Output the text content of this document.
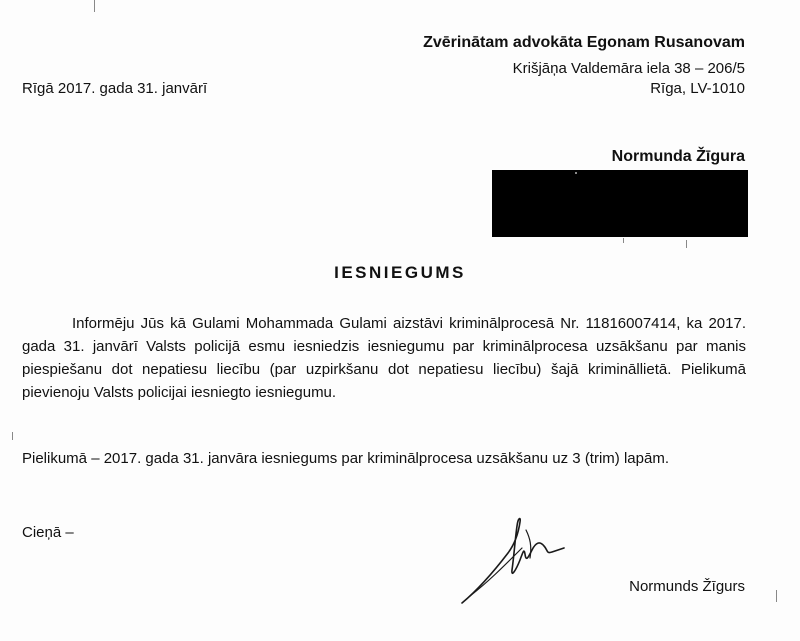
Zvērinātam advokāta Egonam Rusanovam
Krišjāņa Valdemāra iela 38 – 206/5
Rīga, LV-1010
Rīgā 2017. gada 31. janvārī
Normunda Žīgura
IESNIEGUMS
Informēju Jūs kā Gulami Mohammada Gulami aizstāvi kriminālprocesā Nr. 11816007414, ka 2017. gada 31. janvārī Valsts policijā esmu iesniedzis iesniegumu par kriminālprocesa uzsākšanu par manis piespiešanu dot nepatiesu liecību (par uzpirkšanu dot nepatiesu liecību) šajā krimināllietā. Pielikumā pievienoju Valsts policijai iesniegto iesniegumu.
Pielikumā – 2017. gada 31. janvāra iesniegums par kriminālprocesa uzsākšanu uz 3 (trim) lapām.
Cieņā –
Normunds Žīgurs
